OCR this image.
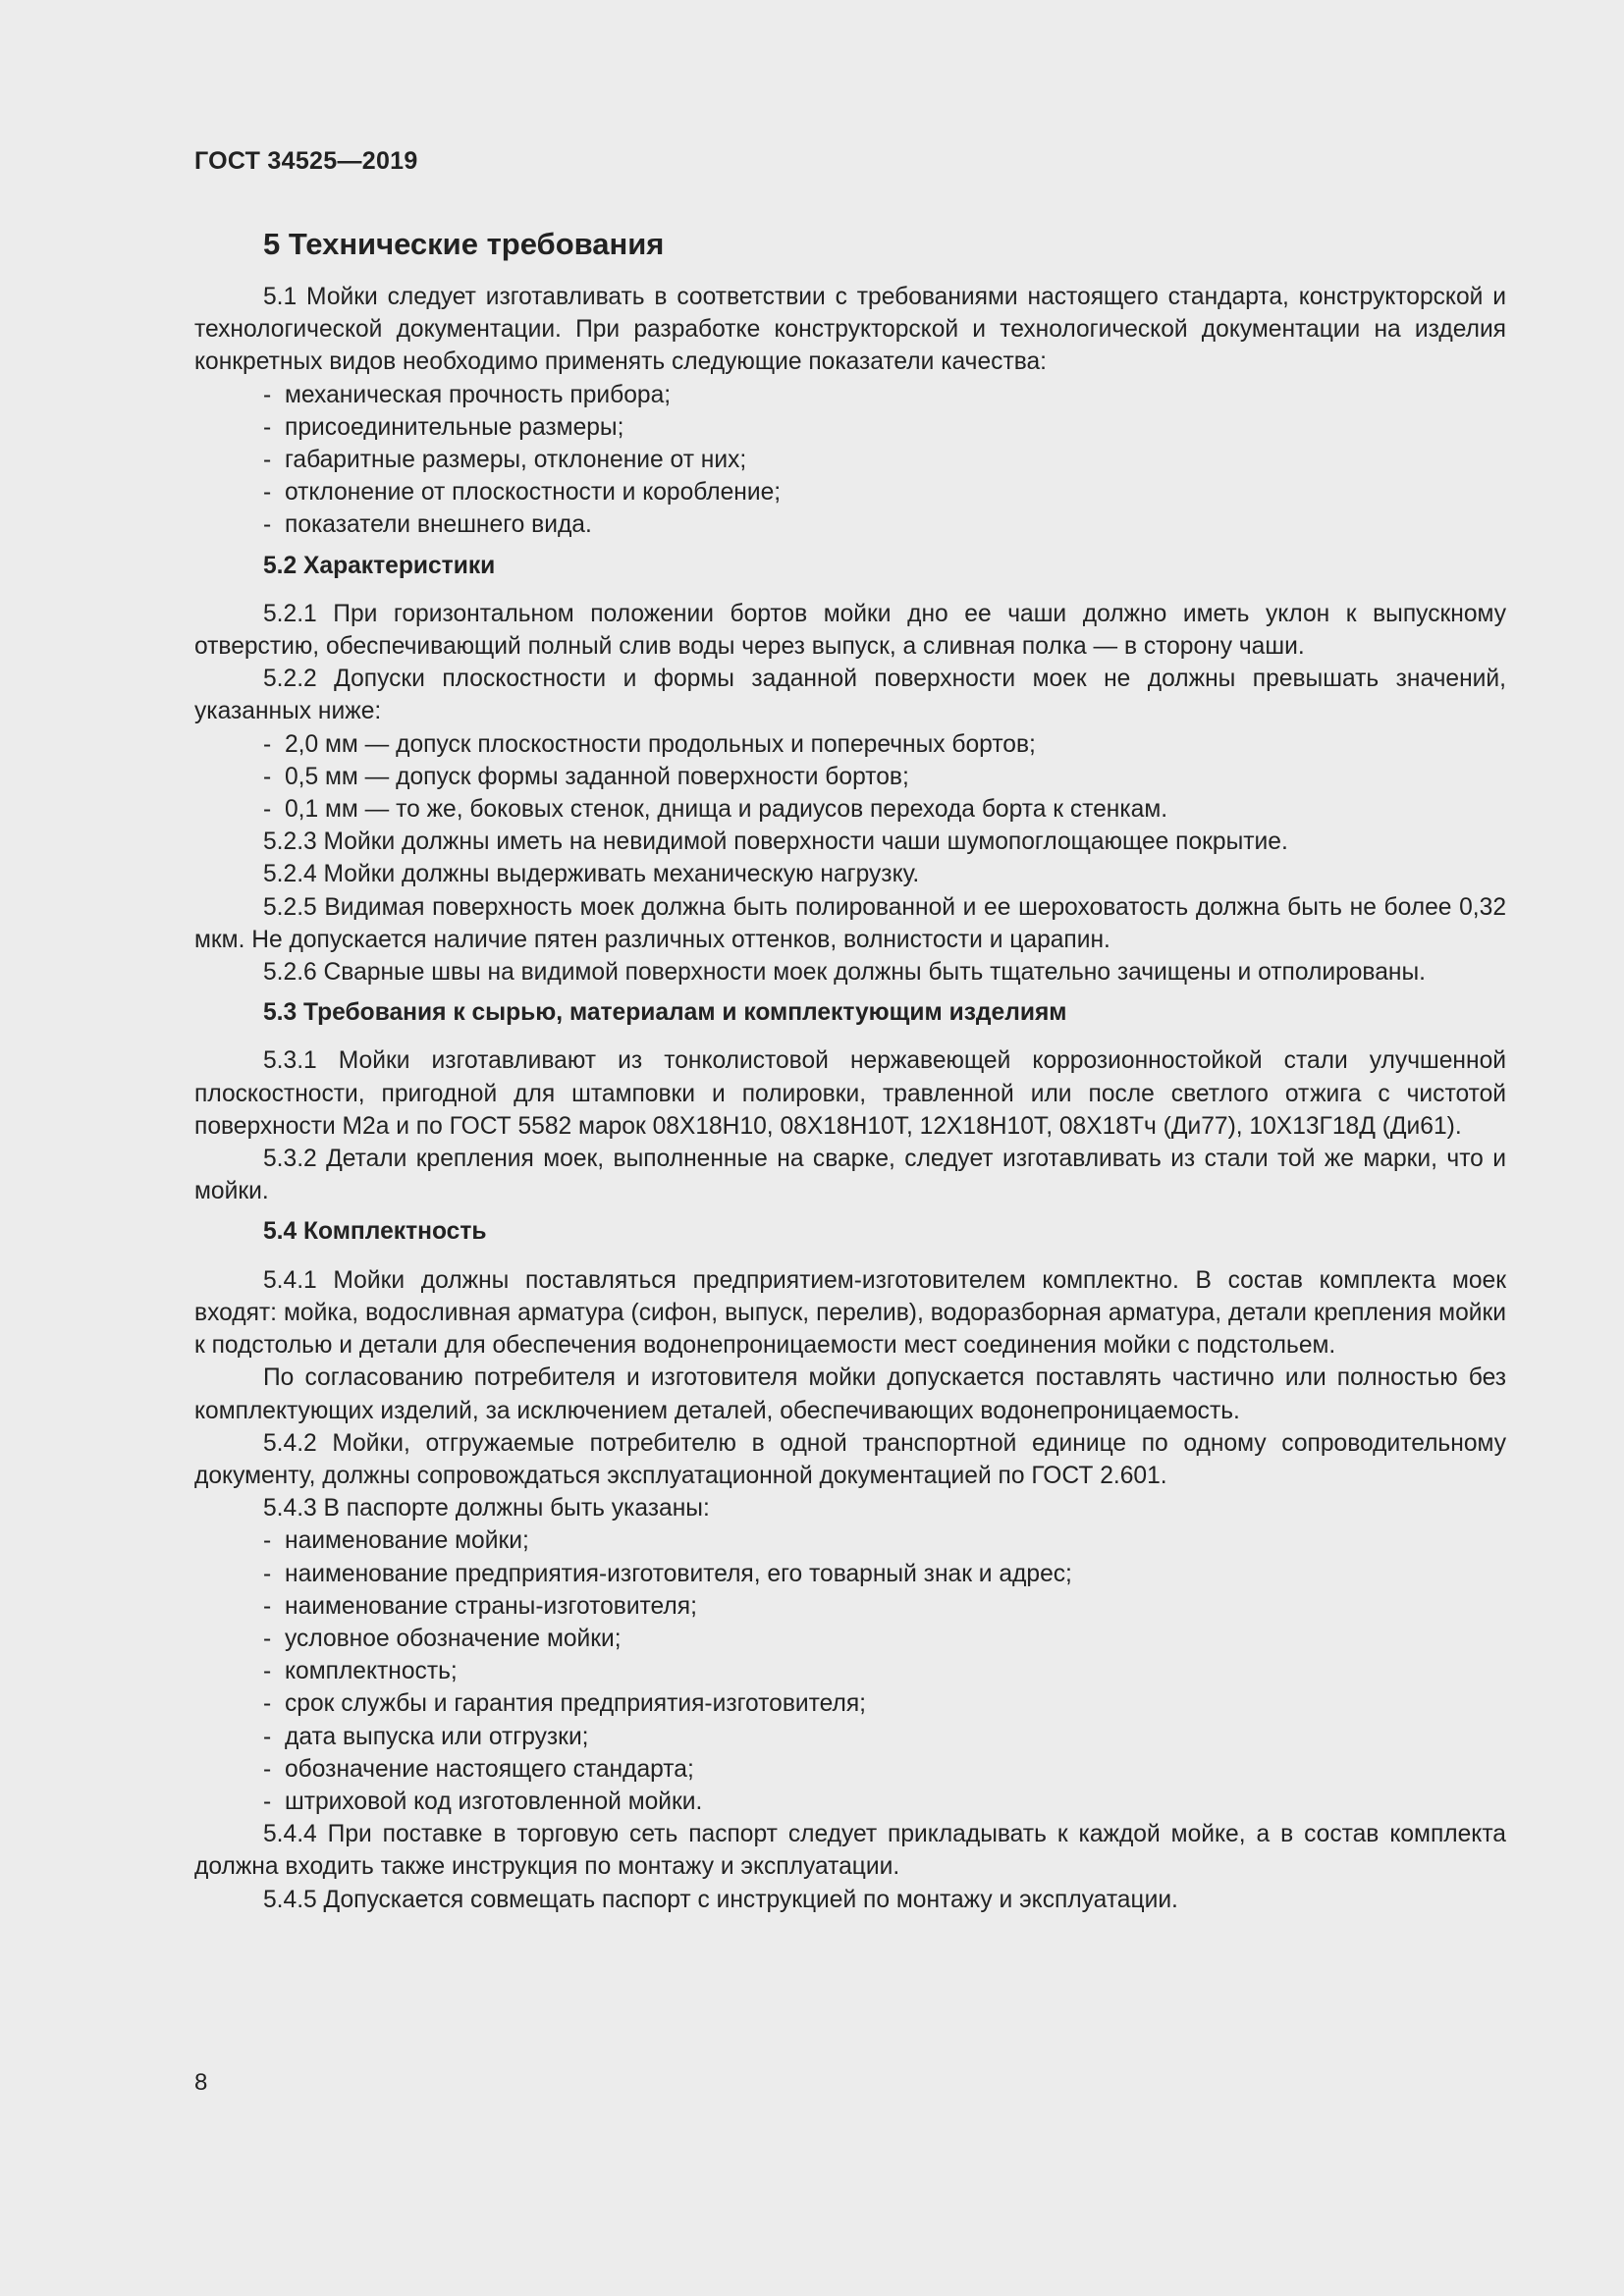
ГОСТ 34525—2019
5 Технические требования

5.1 Мойки следует изготавливать в соответствии с требованиями настоящего стандарта, конструкторской и технологической документации. При разработке конструкторской и технологической документации на изделия конкретных видов необходимо применять следующие показатели качества:

- механическая прочность прибора;
- присоединительные размеры;
- габаритные размеры, отклонение от них;
- отклонение от плоскостности и коробление;
- показатели внешнего вида.
5.2 Характеристики

5.2.1 При горизонтальном положении бортов мойки дно ее чаши должно иметь уклон к выпускному отверстию, обеспечивающий полный слив воды через выпуск, а сливная полка — в сторону чаши.

5.2.2 Допуски плоскостности и формы заданной поверхности моек не должны превышать значений, указанных ниже:

- 2,0 мм — допуск плоскостности продольных и поперечных бортов;
- 0,5 мм — допуск формы заданной поверхности бортов;
- 0,1 мм — то же, боковых стенок, днища и радиусов перехода борта к стенкам.

5.2.3 Мойки должны иметь на невидимой поверхности чаши шумопоглощающее покрытие.

5.2.4 Мойки должны выдерживать механическую нагрузку.

5.2.5 Видимая поверхность моек должна быть полированной и ее шероховатость должна быть не более 0,32 мкм. Не допускается наличие пятен различных оттенков, волнистости и царапин.

5.2.6 Сварные швы на видимой поверхности моек должны быть тщательно зачищены и отполированы.

5.3 Требования к сырью, материалам и комплектующим изделиям

5.3.1 Мойки изготавливают из тонколистовой нержавеющей коррозионностойкой стали улучшенной плоскостности, пригодной для штамповки и полировки, травленной или после светлого отжига с чистотой поверхности М2а и по ГОСТ 5582 марок 08Х18Н10, 08Х18Н10Т, 12Х18Н10Т, 08Х18Тч (Ди77), 10Х13Г18Д (Ди61).

5.3.2 Детали крепления моек, выполненные на сварке, следует изготавливать из стали той же марки, что и мойки.

5.4 Комплектность

5.4.1 Мойки должны поставляться предприятием-изготовителем комплектно. В состав комплекта моек входят: мойка, водосливная арматура (сифон, выпуск, перелив), водоразборная арматура, детали крепления мойки к подстолью и детали для обеспечения водонепроницаемости мест соединения мойки с подстольем.

По согласованию потребителя и изготовителя мойки допускается поставлять частично или полностью без комплектующих изделий, за исключением деталей, обеспечивающих водонепроницаемость.

5.4.2 Мойки, отгружаемые потребителю в одной транспортной единице по одному сопроводительному документу, должны сопровождаться эксплуатационной документацией по ГОСТ 2.601.

5.4.3 В паспорте должны быть указаны:

- наименование мойки;
- наименование предприятия-изготовителя, его товарный знак и адрес;
- наименование страны-изготовителя;
- условное обозначение мойки;
- комплектность;
- срок службы и гарантия предприятия-изготовителя;
- дата выпуска или отгрузки;
- обозначение настоящего стандарта;
- штриховой код изготовленной мойки.

5.4.4 При поставке в торговую сеть паспорт следует прикладывать к каждой мойке, а в состав комплекта должна входить также инструкция по монтажу и эксплуатации.

5.4.5 Допускается совмещать паспорт с инструкцией по монтажу и эксплуатации.

8
